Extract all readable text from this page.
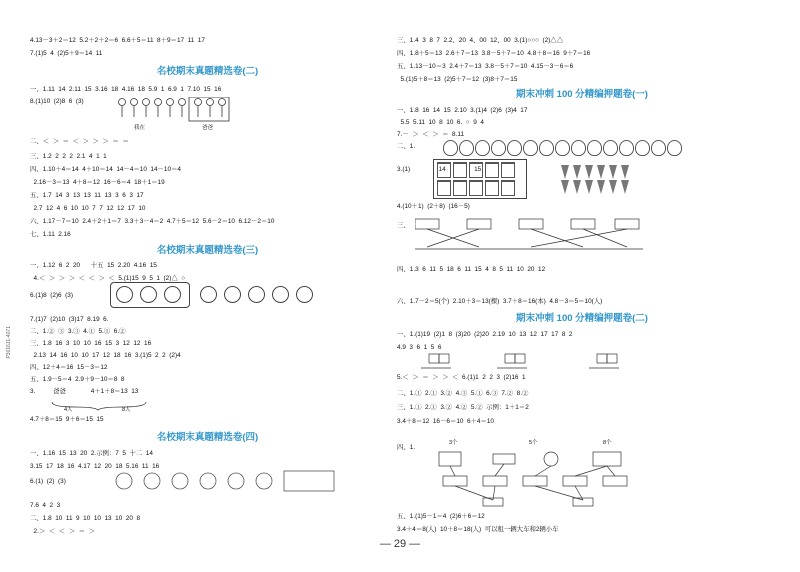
P3016J1-4071
4.13－3＋2＝12  5.2＋2＋2＝6  6.6＋5＝11  8＋9＝17  11  17
7.(1)5  4  (2)5＋9＝14  11
名校期末真题精选卷(二)
一、1.11  14  2.11  15  3.16  18  4.16  18  5.9  1  6.9  1  7.10  15  16
8.(1)10  (2)8  6  (3)
我在	爸爸
二、＜  ＞  ＝  ＜  ＞  ＞  ＞  ＝  ＝
三、1.2  2  2  2  2.1  4  1  1
四、1.10＋4＝14  4＋10＝14  14－4＝10  14－10＝4
2.16－3＝13  4＋8＝12  16－6＝4  18＋1＝19
五、1.7  14  3  13  13  11  13  3  6  3  17
2.7  12  4  6  10  10  7  7  12  12  17  10
六、1.17－7＝10  2.4＋2＋1＝7  3.3＋3－4＝2  4.7＋5＝12  5.6－2＝10  6.12－2＝10
七、1.11  2.16
名校期末真题精选卷(三)
一、1.12  6  2  20      十五  15  2.20  4.16  15
4.＜  ＞  ＞  ＞  ＜  ＜  ＞  ＜  5.(1)15  9  5  1  (2)△  ○
6.(1)8  (2)6  (3)
7.(1)7  (2)10  (3)17  8.19  6.
二、1.②  ③  3.③  4.①  5.①  6.②
三、1.8  16  3  10  10  16  15  3  12  12  16
2.13  14  16  10  10  17  12  18  16  3.(1)5  2  2  (2)4
四、12＋4＝16  15－3＝12
五、1.9－5＝4  2.9＋9－10＝8  8
3.          爸爸              4＋1＋8＝13  13
4人	8人
4.7＋8＝15  9＋6＝15  15
名校期末真题精选卷(四)
一、1.16  15  13  20  2.示例：7  5  十二  14
3.15  17  18  16  4.17  12  20  18  5.16  11  16
6.(1)  (2)  (3)
7.6  4  2  3
二、1.8  10  11  9  10  10  13  10  20  8
2.＞  ＜  ＜  ＞  ＝  ＞
三、1.4  3  8  7  2.2、20  4、00  12、00  3.(1)○○○  (2)△△
四、1.8＋5＝13  2.6＋7＝13  3.8－5＋7＝10  4.8＋8＝16  9＋7＝16
五、1.13－10＝3  2.4＋7＝13  3.8－5＋7＝10  4.15－3－6＝6
5.(1)5＋8＝13  (2)5＋7＝12  (3)8＋7＝15
期末冲刺 100 分精编押题卷(一)
一、1.8  16  14  15  2.10  3.(1)4  (2)6  (3)4  17
5.5  5.11  10  8  10  6.  ○  9  4
7.－  ＞  ＜  ＞  ＝  8.11
二、1.
3.(1)                14                15
4.(10＋1)  (2＋8)  (16－5)
三、
四、1.3  6  11  5  18  6  11  15  4  8  5  11  10  20  12
六、1.7－2＝5(个)  2.10＋3＝13(棵)  3.7＋8＝16(本)  4.8－3＝5＝10(人)
期末冲刺 100 分精编押题卷(二)
一、1.(1)19  (2)1  8  (3)20  (2)20  2.19  10  13  12  17  17  8  2
4.9  3  6  1  5  6
5.＜  ＞  ＝  ＞  ＞  ＜  6.(1)1  2  2  3  (2)16  1
二、1.①  2.①  3.②  4.③  5.①  6.③  7.②  8.②
三、1.①  2.①  3.②  4.②  5.②  示例：1＋1＝2
3.4＋8＝12  16－6＝10  6＋4＝10
四、1.
3个	5个	8个
五、1.(1)5－1＝4  (2)6＋6＝12
3.4＋4＝8(人)  10＋8＝18(人)  可以租一辆大车和2辆小车
— 29 —
